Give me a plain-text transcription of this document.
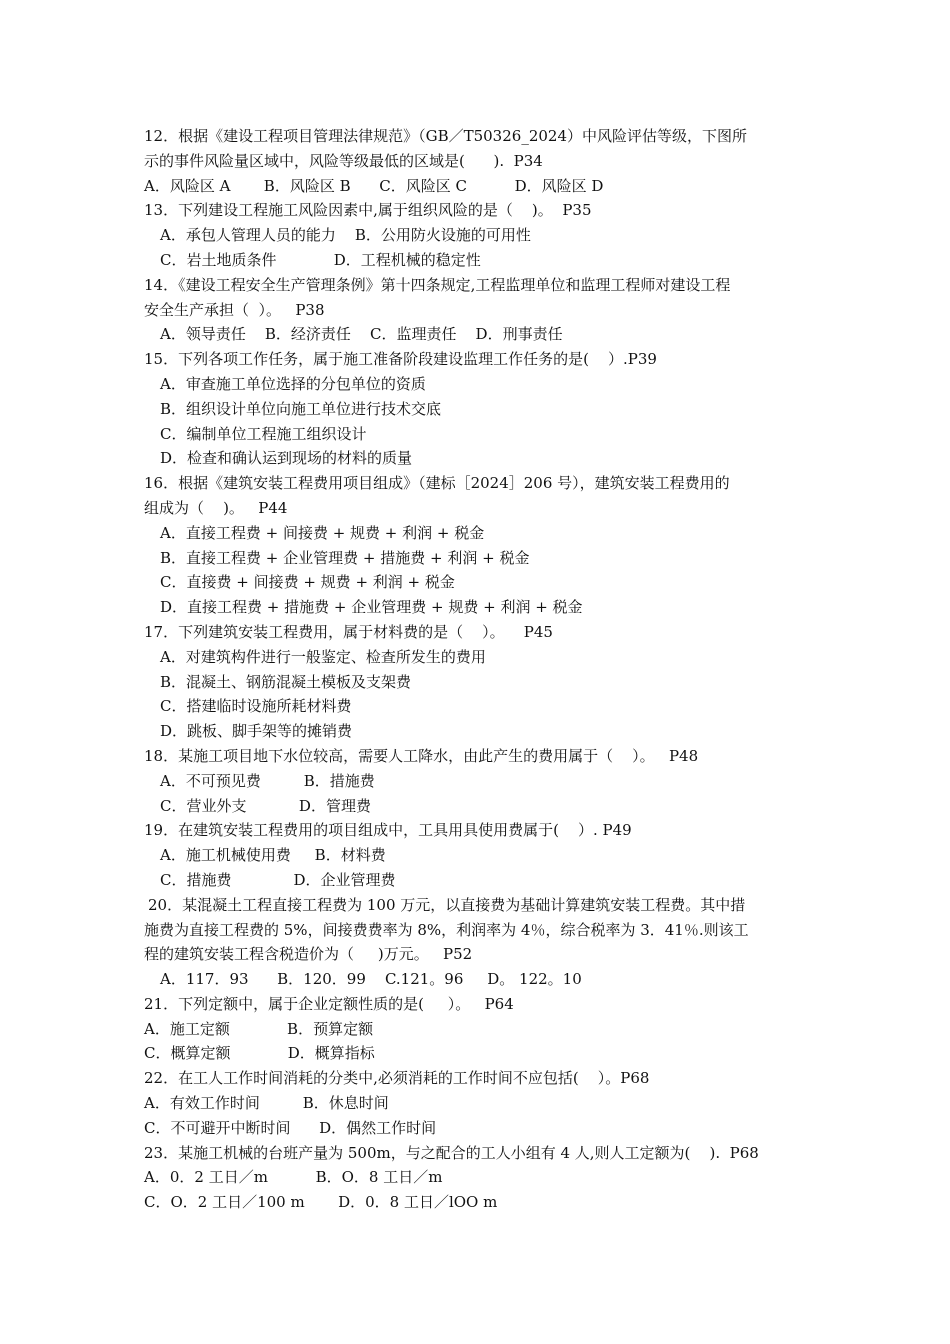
12．根据《建设工程项目管理法律规范》（GB／T50326_2024）中风险评估等级，下图所
示的事件风险量区域中，风险等级最低的区域是(      ).  P34
A．风险区 A       B．风险区 B      C．风险区 C          D．风险区 D
13．下列建设工程施工风险因素中,属于组织风险的是（    )。  P35
A．承包人管理人员的能力    B．公用防火设施的可用性
C．岩土地质条件            D．工程机械的稳定性
14．《建设工程安全生产管理条例》第十四条规定,工程监理单位和监理工程师对建设工程
安全生产承担（  ）。   P38
A．领导责任    B．经济责任    C．监理责任    D．刑事责任
15．下列各项工作任务，属于施工准备阶段建设监理工作任务的是(    ）.P39
A．审查施工单位选择的分包单位的资质
B．组织设计单位向施工单位进行技术交底
C．编制单位工程施工组织设计
D．检查和确认运到现场的材料的质量
16．根据《建筑安装工程费用项目组成》（建标［2024］206 号），建筑安装工程费用的
组成为（    )。   P44
A．直接工程费 + 间接费 + 规费 + 利润 + 税金
B．直接工程费 + 企业管理费 + 措施费 + 利润 + 税金
C．直接费 + 间接费 + 规费 + 利润 + 税金
D．直接工程费 + 措施费 + 企业管理费 + 规费 + 利润 + 税金
17．下列建筑安装工程费用，属于材料费的是（    ）。    P45
A．对建筑构件进行一般鉴定、检查所发生的费用
B．混凝土、钢筋混凝土模板及支架费
C．搭建临时设施所耗材料费
D．跳板、脚手架等的摊销费
18．某施工项目地下水位较高，需要人工降水，由此产生的费用属于（    ）。   P48
A．不可预见费         B．措施费
C．营业外支           D．管理费
19．在建筑安装工程费用的项目组成中，工具用具使用费属于(    ）. P49
A．施工机械使用费     B．材料费
C．措施费             D．企业管理费
20．某混凝土工程直接工程费为 100 万元，以直接费为基础计算建筑安装工程费。其中措
施费为直接工程费的 5%，间接费费率为 8%，利润率为 4％，综合税率为 3．41％.则该工
程的建筑安装工程含税造价为（     )万元。   P52
A．117．93      B．120．99    C.121。96     D。 122。10
21．下列定额中，属于企业定额性质的是(     ）。   P64
A．施工定额            B．预算定额
C．概算定额            D．概算指标
22．在工人工作时间消耗的分类中,必须消耗的工作时间不应包括(    ）。P68
A．有效工作时间         B．休息时间
C．不可避开中断时间      D．偶然工作时间
23．某施工机械的台班产量为 500m，与之配合的工人小组有 4 人,则人工定额为(    ).  P68
A．0．2 工日／m          B．O．8 工日／m
C．O．2 工日／100 m       D．0．8 工日／lOO m
